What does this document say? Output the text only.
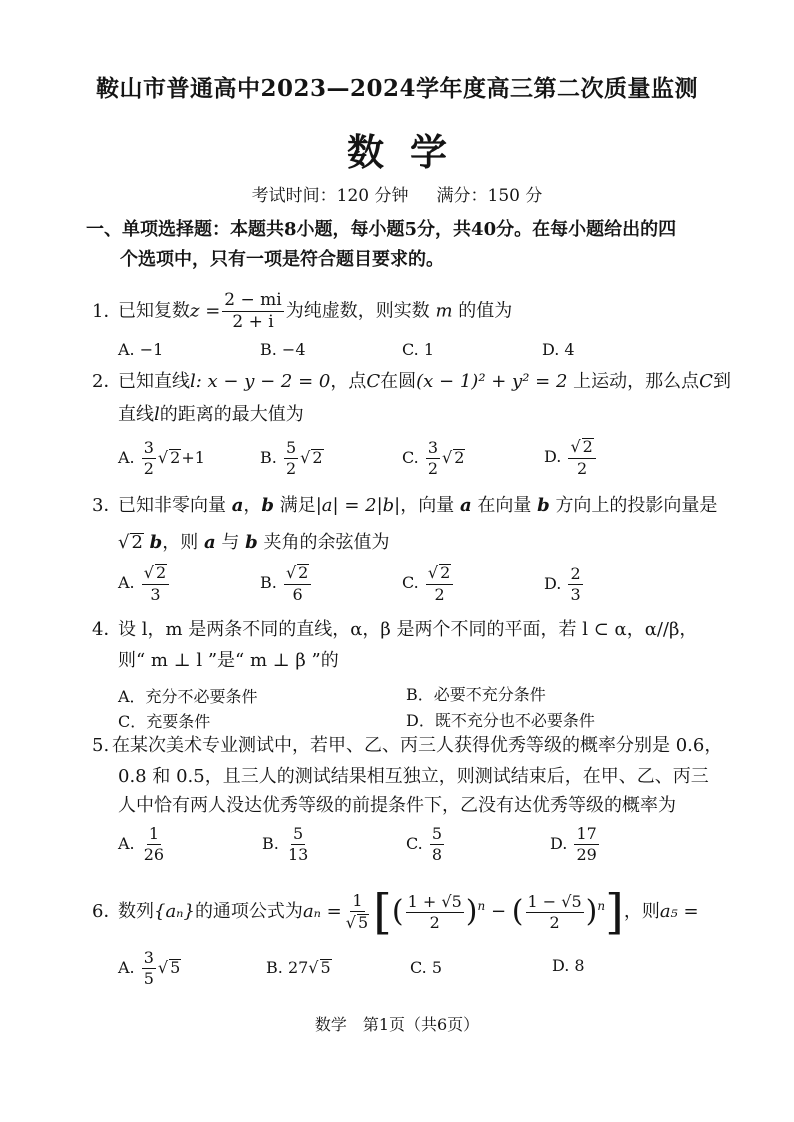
鞍山市普通高中2023—2024学年度高三第二次质量监测
数学
考试时间：120 分钟 满分：150 分
一、单项选择题：本题共8小题，每小题5分，共40分。在每小题给出的四
个选项中，只有一项是符合题目要求的。
1．已知复数$z = \frac{2 - mi}{2 + i}$ 为纯虚数，则实数 m 的值为
A. −1	B. −4	C. 1	D. 4
2．已知直线l: x − y − 2 = 0，点C在圆(x − 1)² + y² = 2 上运动，那么点C到
直线l的距离的最大值为
A. $\frac{3}{2}$ √ 2+1	B. $\frac{5}{2}$ √ 2	C. $\frac{3}{2}$ √ 2	D. $\frac{√ 2}{2}$
3．已知非零向量 a，b 满足|a| = 2|b|，向量 a 在向量 b 方向上的投影向量是
√ 2 b，则 a 与 b 夹角的余弦值为
A. $\frac{√ 2}{3}$	B. $\frac{√ 2}{6}$	C. $\frac{√ 2}{2}$	D. $\frac{2}{3}$
4．设 l，m 是两条不同的直线，α，β 是两个不同的平面，若 l ⊂ α，α//β，
则“ m ⊥ l ”是“ m ⊥ β ”的
A．充分不必要条件	B．必要不充分条件
C．充要条件	D．既不充分也不必要条件
5. 在某次美术专业测试中，若甲、乙、丙三人获得优秀等级的概率分别是 0.6，
0.8 和 0.5，且三人的测试结果相互独立，则测试结束后，在甲、乙、丙三
人中恰有两人没达优秀等级的前提条件下，乙没有达优秀等级的概率为
A. $\frac{1}{26}$	B. $\frac{5}{13}$	C. $\frac{5}{8}$	D. $\frac{17}{29}$
6．数列{aₙ}的通项公式为$a_n = \frac{1}{√ 5}$ [( $\frac{1 + √5}{2} )^n$ − ( $\frac{1 - √5}{2} )^n$]，则a₅ =
A. $\frac{3}{5}$ √ 5	B. 27√ 5	C. 5	D. 8
数学　第1页（共6页）
